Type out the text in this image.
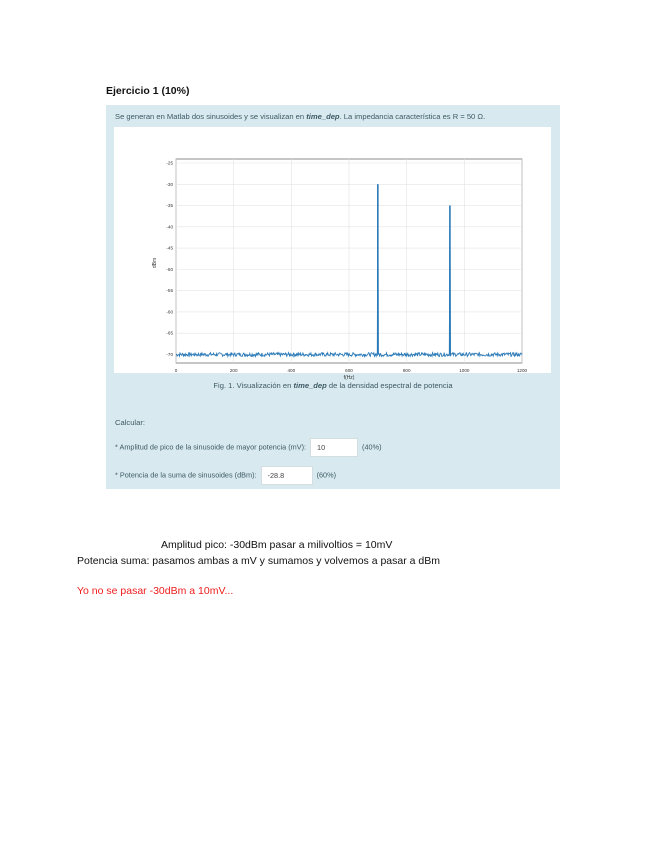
Ejercicio 1 (10%)
Se generan en Matlab dos sinusoides y se visualizan en time_dep. La impedancia característica es R = 50 Ω.
0	200	400	600	800	1000	1200
-25
-30
-35
-40
-45
-50
-55
-60
-65
-70
f(Hz)
dBm
Fig. 1. Visualización en time_dep de la densidad espectral de potencia
Calcular:
* Amplitud de pico de la sinusoide de mayor potencia (mV): 10	(40%)
* Potencia de la suma de sinusoides (dBm): -28.8	(60%)
Amplitud pico: -30dBm pasar a milivoltios = 10mV
Potencia suma: pasamos ambas a mV y sumamos y volvemos a pasar a dBm
Yo no se pasar -30dBm a 10mV...
